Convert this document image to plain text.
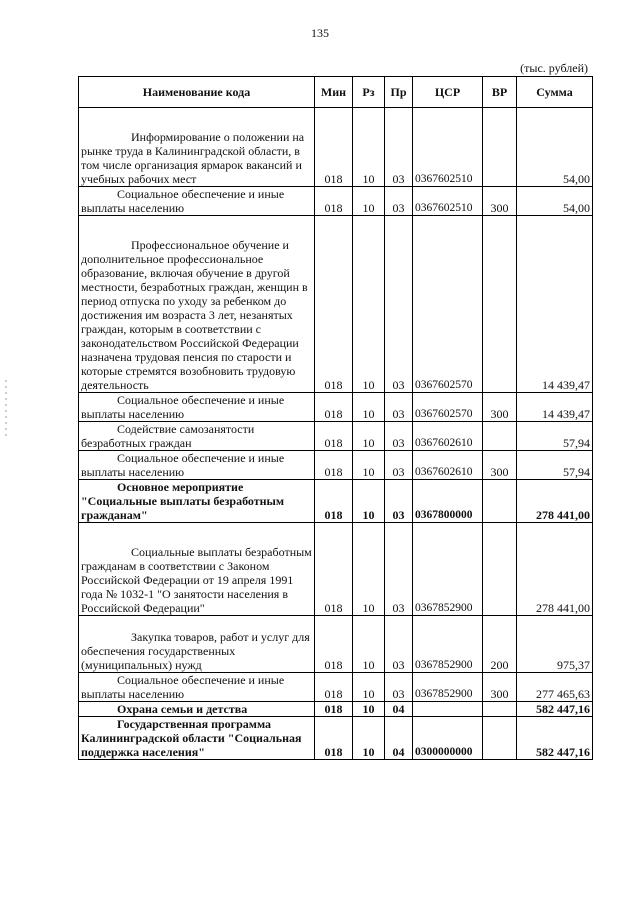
135
(тыс. рублей)
Наименование кода	Мин	Рз	Пр	ЦСР	ВР	Сумма

Информирование о положении на рынке труда в Калининградской области, в том числе организация ярмарок вакансий и учебных рабочих мест	018	10	03	0367602510		54,00
Социальное обеспечение и иные выплаты населению	018	10	03	0367602510	300	54,00

Профессиональное обучение и дополнительное профессиональное образование, включая обучение в другой местности, безработных граждан, женщин в период отпуска по уходу за ребенком до достижения им возраста 3 лет, незанятых граждан, которым в соответствии с законодательством Российской Федерации назначена трудовая пенсия по старости и которые стремятся возобновить трудовую деятельность	018	10	03	0367602570		14 439,47
Социальное обеспечение и иные выплаты населению	018	10	03	0367602570	300	14 439,47
Содействие самозанятости безработных граждан	018	10	03	0367602610		57,94
Социальное обеспечение и иные выплаты населению	018	10	03	0367602610	300	57,94
Основное мероприятие "Социальные выплаты безработным гражданам"	018	10	03	0367800000		278 441,00

Социальные выплаты безработным гражданам в соответствии с Законом Российской Федерации от 19 апреля 1991 года № 1032-1 "О занятости населения в Российской Федерации"	018	10	03	0367852900		278 441,00

Закупка товаров, работ и услуг для обеспечения государственных (муниципальных) нужд	018	10	03	0367852900	200	975,37
Социальное обеспечение и иные выплаты населению	018	10	03	0367852900	300	277 465,63
Охрана семьи и детства	018	10	04			582 447,16
Государственная программа Калининградской области "Социальная поддержка населения"	018	10	04	0300000000		582 447,16
